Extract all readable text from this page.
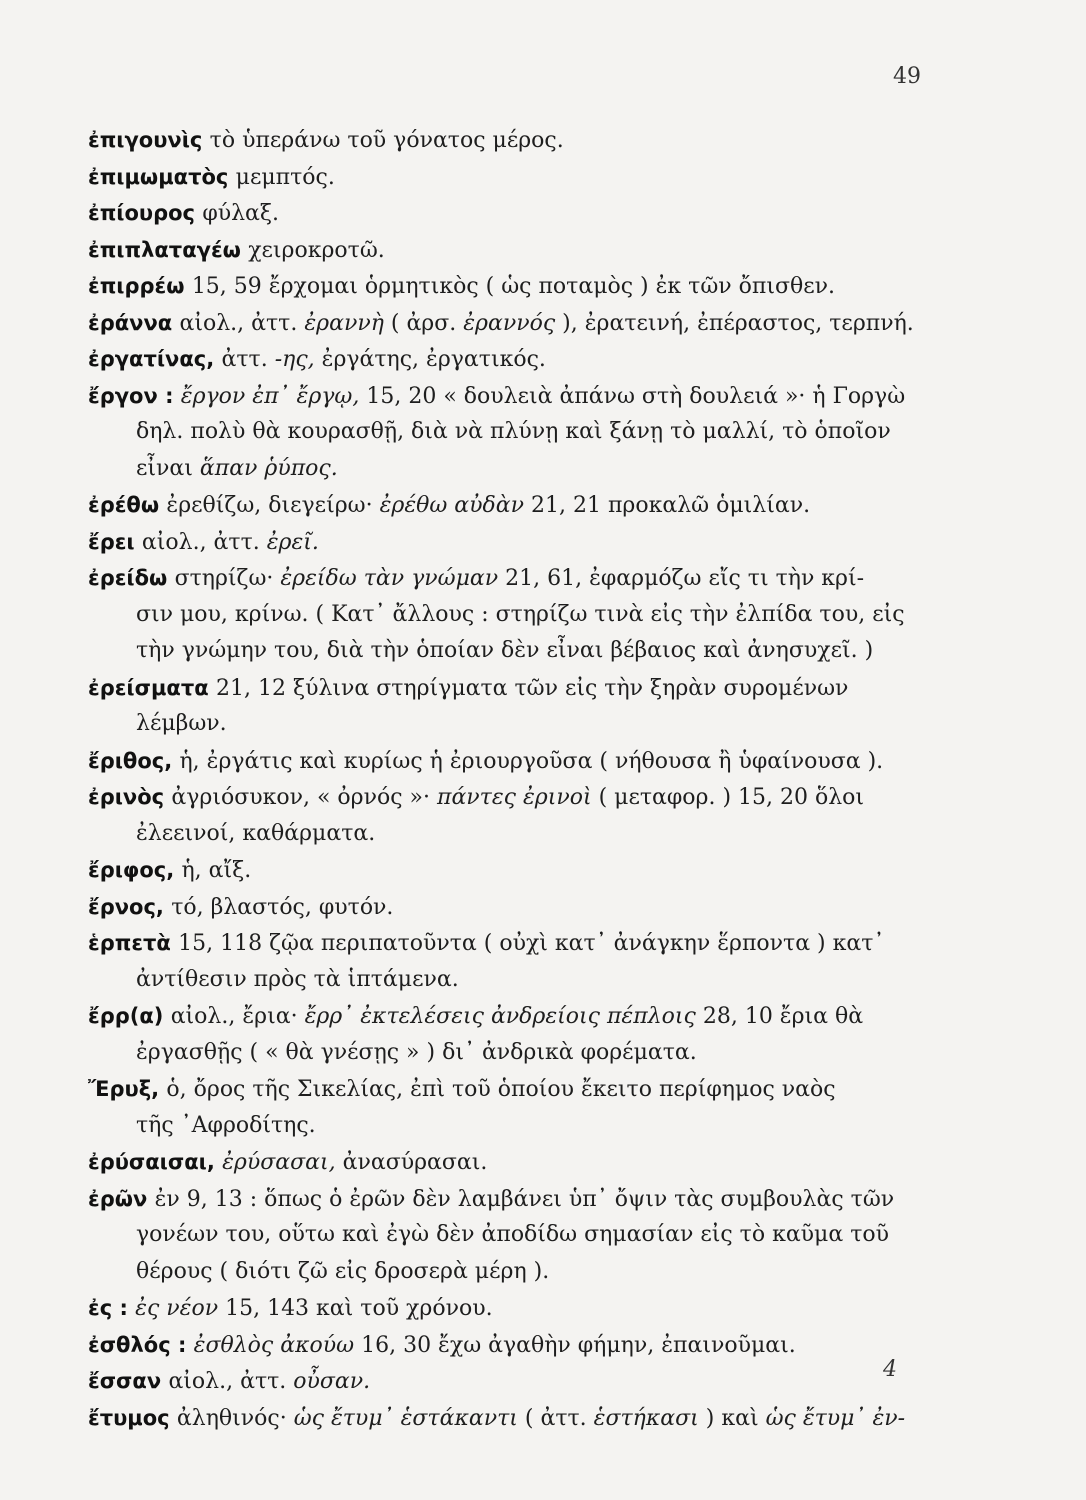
49
ἐπιγουνὶς τὸ ὑπεράνω τοῦ γόνατος μέρος.
ἐπιμωματὸς μεμπτός.
ἐπίουρος φύλαξ.
ἐπιπλαταγέω χειροκροτῶ.
ἐπιρρέω 15, 59 ἔρχομαι ὁρμητικὸς ( ὡς ποταμὸς ) ἐκ τῶν ὄπισθεν.
ἐράννα αἰολ., ἀττ. ἐραννὴ ( ἀρσ. ἐραννός ), ἐρατεινή, ἐπέραστος, τερπνή.
ἐργατίνας, ἀττ. -ης, ἐργάτης, ἐργατικός.
ἔργον : ἔργον ἐπ᾽ ἔργῳ, 15, 20 « δουλειὰ ἀπάνω στὴ δουλειά »· ἡ Γοργὼ
δηλ. πολὺ θὰ κουρασθῇ, διὰ νὰ πλύνῃ καὶ ξάνῃ τὸ μαλλί, τὸ ὁποῖον
εἶναι ἅπαν ῥύπος.
ἐρέθω ἐρεθίζω, διεγείρω· ἐρέθω αὐδὰν 21, 21 προκαλῶ ὁμιλίαν.
ἔρει αἰολ., ἀττ. ἐρεῖ.
ἐρείδω στηρίζω· ἐρείδω τὰν γνώμαν 21, 61, ἐφαρμόζω εἴς τι τὴν κρί-
σιν μου, κρίνω. ( Κατ᾽ ἄλλους : στηρίζω τινὰ εἰς τὴν ἐλπίδα του, εἰς
τὴν γνώμην του, διὰ τὴν ὁποίαν δὲν εἶναι βέβαιος καὶ ἀνησυχεῖ. )
ἐρείσματα 21, 12 ξύλινα στηρίγματα τῶν εἰς τὴν ξηρὰν συρομένων
λέμβων.
ἔριθος, ἡ, ἐργάτις καὶ κυρίως ἡ ἐριουργοῦσα ( νήθουσα ἢ ὑφαίνουσα ).
ἐρινὸς ἀγριόσυκον, « ὀρνός »· πάντες ἐρινοὶ ( μεταφορ. ) 15, 20 ὅλοι
ἐλεεινοί, καθάρματα.
ἔριφος, ἡ, αἴξ.
ἔρνος, τό, βλαστός, φυτόν.
ἑρπετὰ 15, 118 ζῷα περιπατοῦντα ( οὐχὶ κατ᾽ ἀνάγκην ἕρποντα ) κατ᾽
ἀντίθεσιν πρὸς τὰ ἱπτάμενα.
ἔρρ(α) αἰολ., ἔρια· ἔρρ᾽ ἐκτελέσεις ἀνδρείοις πέπλοις 28, 10 ἔρια θὰ
ἐργασθῇς ( « θὰ γνέσῃς » ) δι᾽ ἀνδρικὰ φορέματα.
Ἔρυξ, ὁ, ὄρος τῆς Σικελίας, ἐπὶ τοῦ ὁποίου ἔκειτο περίφημος ναὸς
τῆς ᾽Αφροδίτης.
ἐρύσαισαι, ἐρύσασαι, ἀνασύρασαι.
ἐρῶν ἐν 9, 13 : ὅπως ὁ ἐρῶν δὲν λαμβάνει ὑπ᾽ ὄψιν τὰς συμβουλὰς τῶν
γονέων του, οὕτω καὶ ἐγὼ δὲν ἀποδίδω σημασίαν εἰς τὸ καῦμα τοῦ
θέρους ( διότι ζῶ εἰς δροσερὰ μέρη ).
ἐς : ἐς νέον 15, 143 καὶ τοῦ χρόνου.
ἐσθλός : ἐσθλὸς ἀκούω 16, 30 ἔχω ἀγαθὴν φήμην, ἐπαινοῦμαι.
ἔσσαν αἰολ., ἀττ. οὖσαν.
ἔτυμος ἀληθινός· ὡς ἔτυμ᾽ ἑστάκαντι ( ἀττ. ἑστήκασι ) καὶ ὡς ἔτυμ᾽ ἐν-
4
